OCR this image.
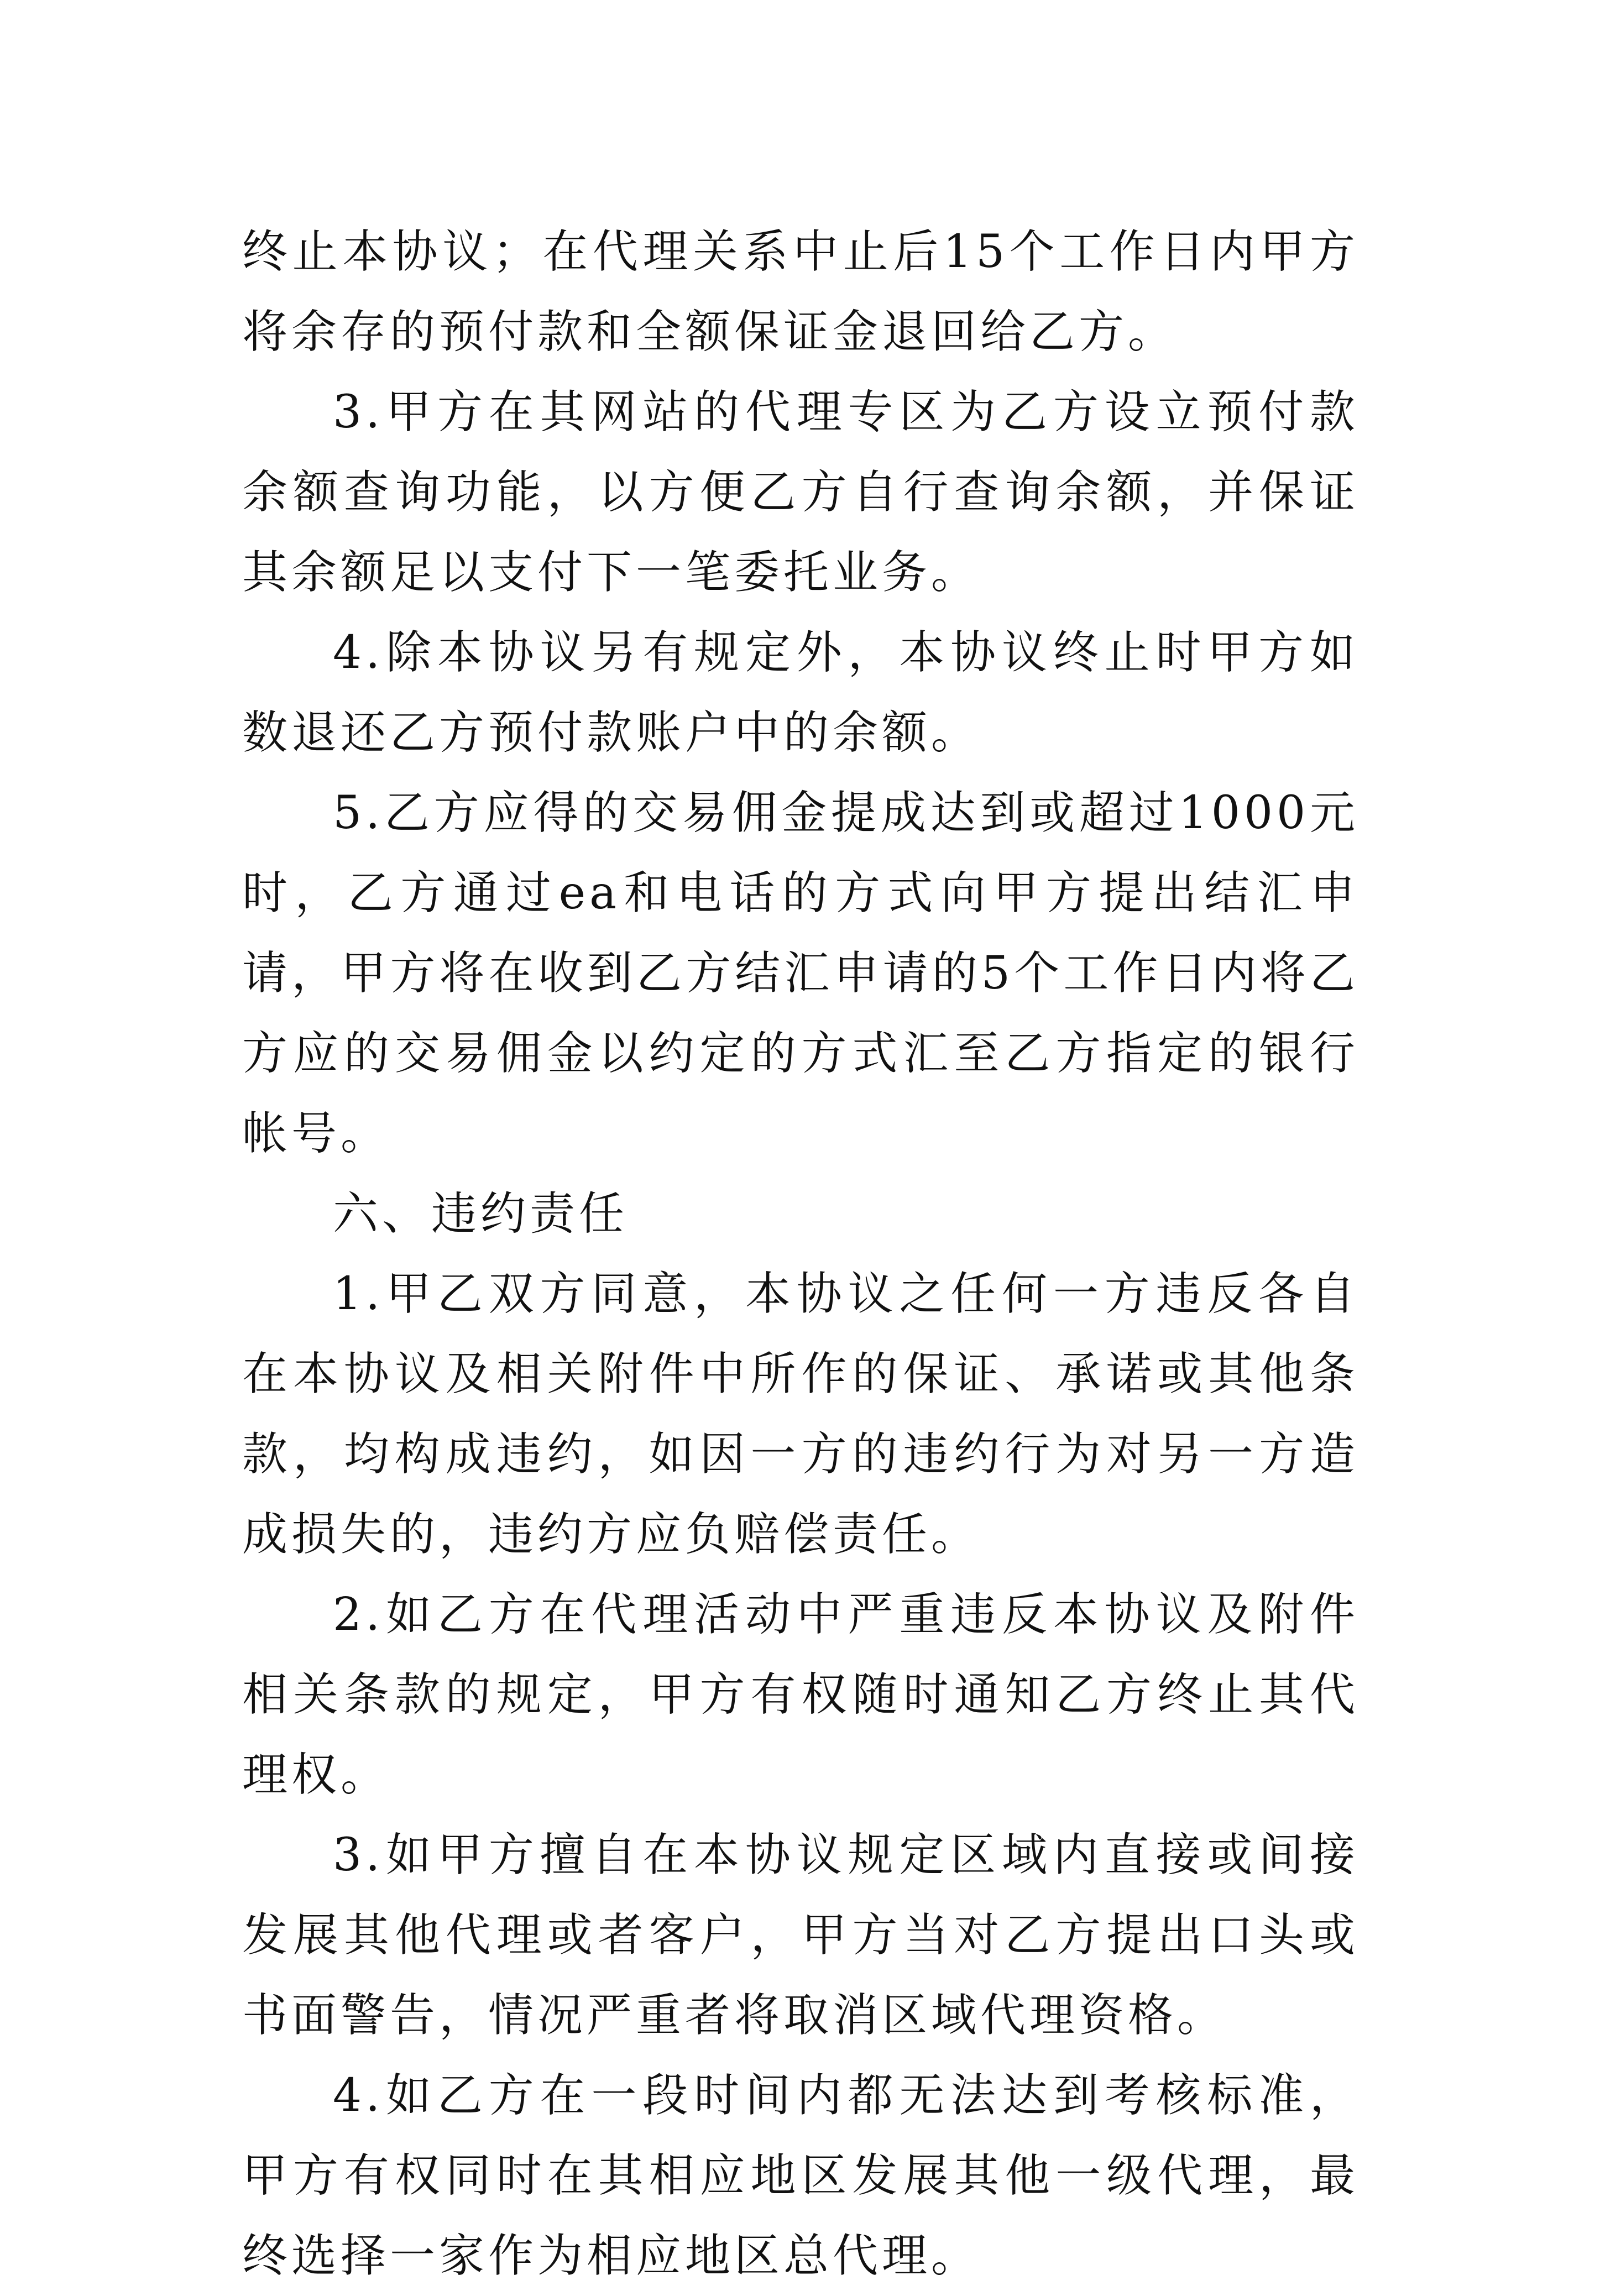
终止本协议；在代理关系中止后15个工作日内甲方将余存的预付款和全额保证金退回给乙方。

3.甲方在其网站的代理专区为乙方设立预付款余额查询功能，以方便乙方自行查询余额，并保证其余额足以支付下一笔委托业务。

4.除本协议另有规定外，本协议终止时甲方如数退还乙方预付款账户中的余额。

5.乙方应得的交易佣金提成达到或超过1000元时，乙方通过ea和电话的方式向甲方提出结汇申请，甲方将在收到乙方结汇申请的5个工作日内将乙方应的交易佣金以约定的方式汇至乙方指定的银行帐号。

六、违约责任

1.甲乙双方同意，本协议之任何一方违反各自在本协议及相关附件中所作的保证、承诺或其他条款，均构成违约，如因一方的违约行为对另一方造成损失的，违约方应负赔偿责任。

2.如乙方在代理活动中严重违反本协议及附件相关条款的规定，甲方有权随时通知乙方终止其代理权。

3.如甲方擅自在本协议规定区域内直接或间接发展其他代理或者客户，甲方当对乙方提出口头或书面警告，情况严重者将取消区域代理资格。

4.如乙方在一段时间内都无法达到考核标准，甲方有权同时在其相应地区发展其他一级代理，最终选择一家作为相应地区总代理。
